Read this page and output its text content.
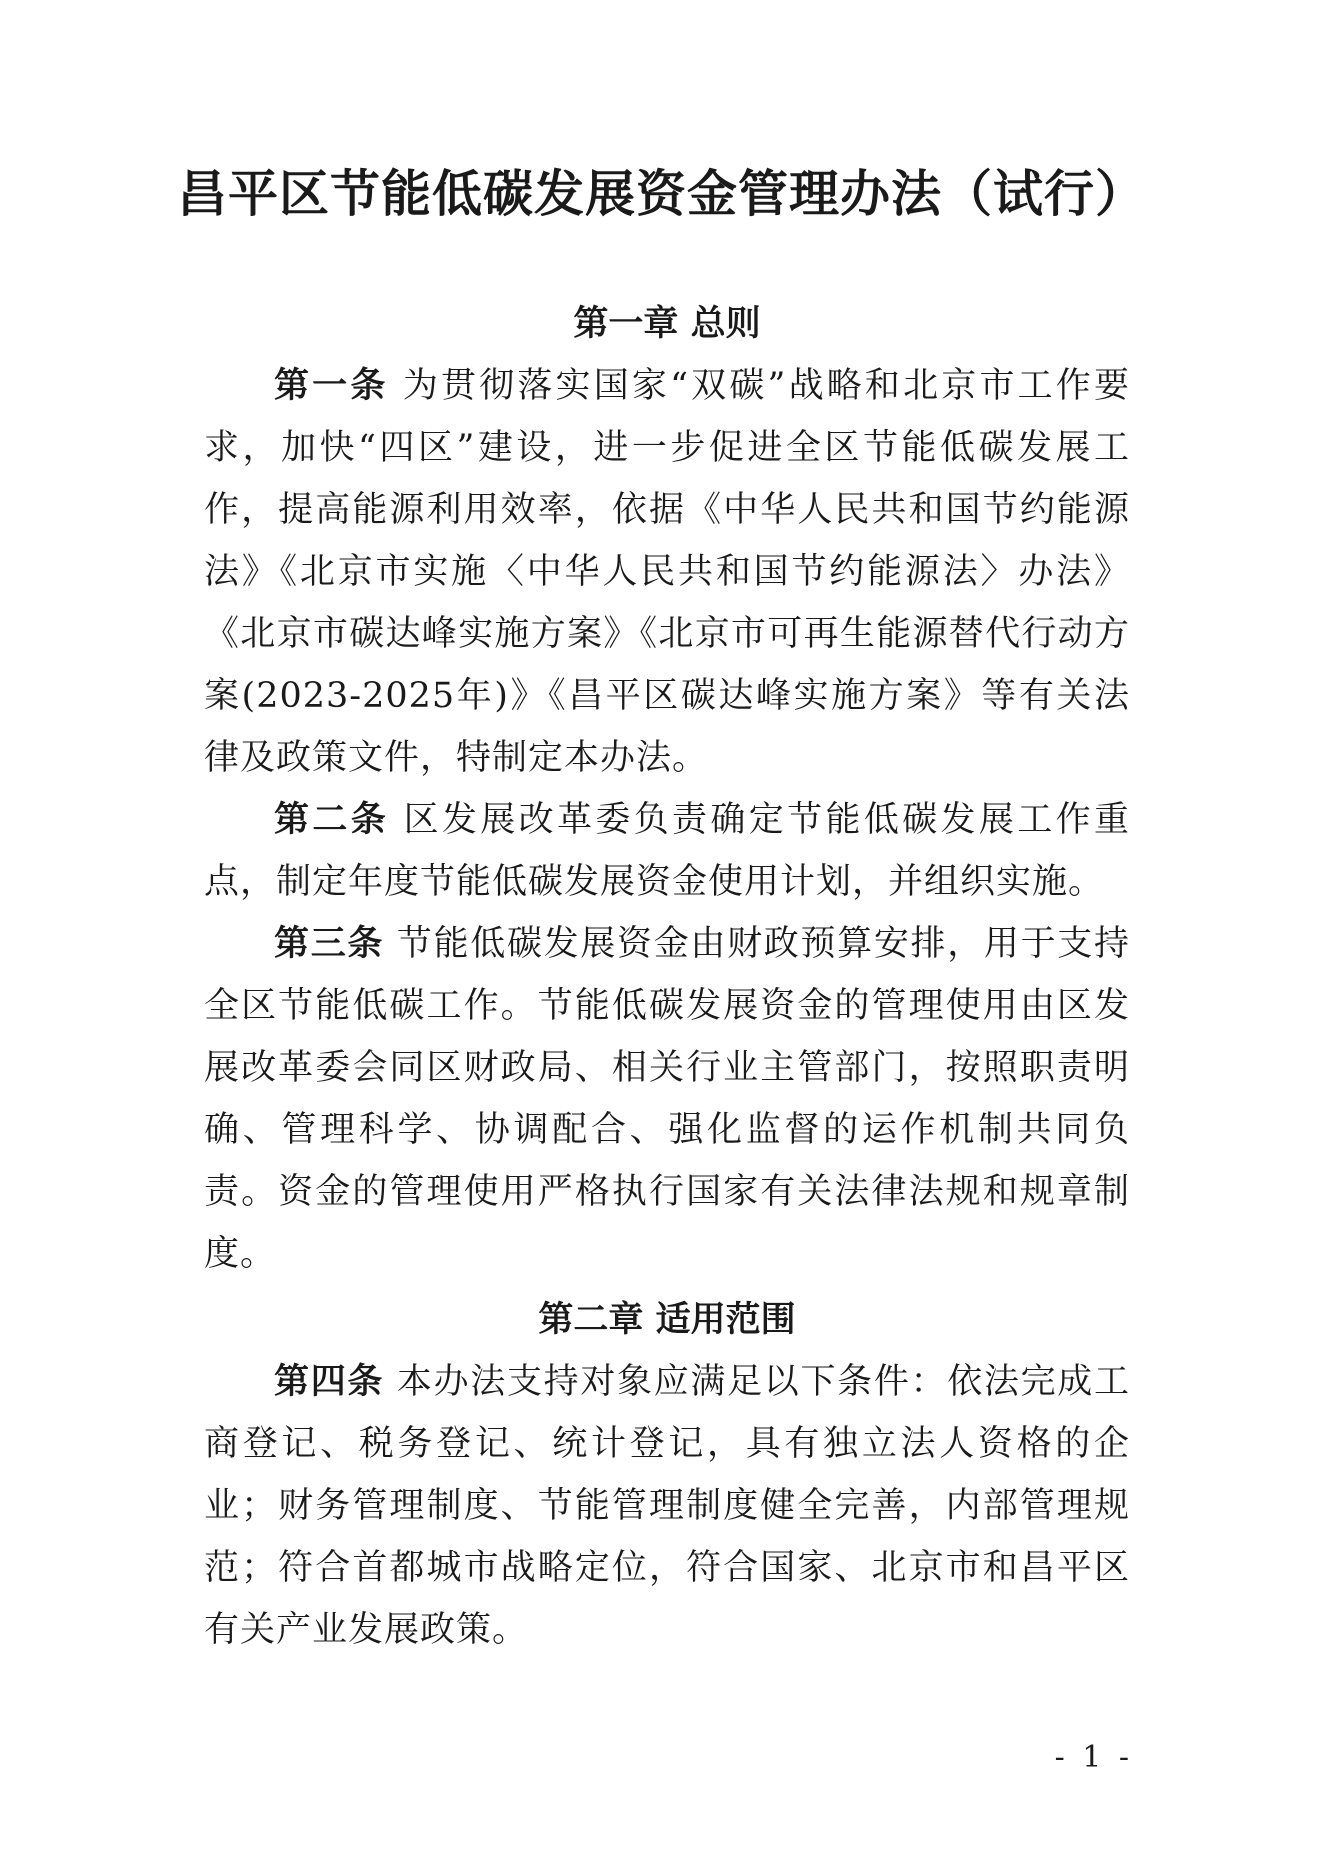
昌平区节能低碳发展资金管理办法（试行）
第一章 总则

第一条 为贯彻落实国家“双碳”战略和北京市工作要求，加快“四区”建设，进一步促进全区节能低碳发展工作，提高能源利用效率，依据《中华人民共和国节约能源法》《北京市实施〈中华人民共和国节约能源法〉办法》《北京市碳达峰实施方案》《北京市可再生能源替代行动方案(2023-2025年)》《昌平区碳达峰实施方案》等有关法律及政策文件，特制定本办法。

第二条 区发展改革委负责确定节能低碳发展工作重点，制定年度节能低碳发展资金使用计划，并组织实施。

第三条 节能低碳发展资金由财政预算安排，用于支持全区节能低碳工作。节能低碳发展资金的管理使用由区发展改革委会同区财政局、相关行业主管部门，按照职责明确、管理科学、协调配合、强化监督的运作机制共同负责。资金的管理使用严格执行国家有关法律法规和规章制度。

第二章 适用范围

第四条 本办法支持对象应满足以下条件：依法完成工商登记、税务登记、统计登记，具有独立法人资格的企业；财务管理制度、节能管理制度健全完善，内部管理规范；符合首都城市战略定位，符合国家、北京市和昌平区有关产业发展政策。

- 1 -
